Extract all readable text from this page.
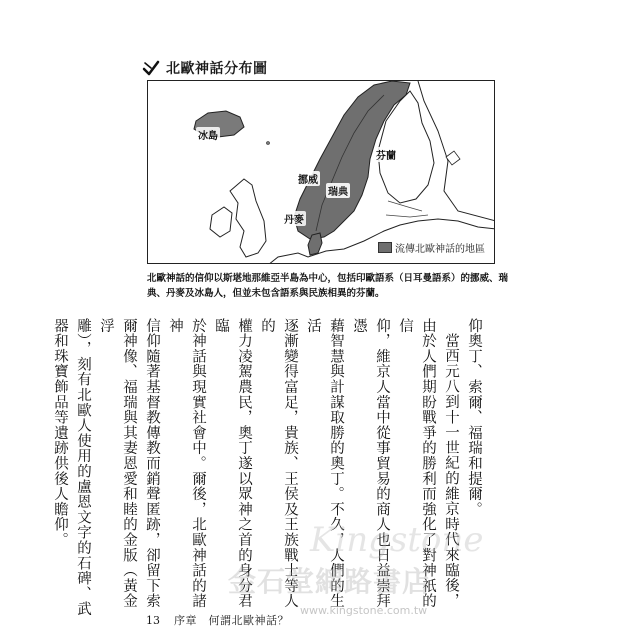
北歐神話分布圖
冰島
芬蘭
挪威
瑞典
丹麥
流傳北歐神話的地區
北歐神話的信仰以斯堪地那維亞半島為中心，包括印歐語系（日耳曼語系）的挪威、瑞
典、丹麥及冰島人，但並未包含語系與民族相異的芬蘭。
仰奧丁、索爾、福瑞和提爾。
當西元八到十一世紀的維京時代來臨後，
由於人們期盼戰爭的勝利而強化了對神祇的信
仰，維京人當中從事貿易的商人也日益崇拜憑
藉智慧與計謀取勝的奧丁。不久，人們的生活
逐漸變得富足，貴族、王侯及王族戰士等人的
權力凌駕農民，奧丁遂以眾神之首的身分君臨
於神話與現實社會中。爾後，北歐神話的諸神
信仰隨著基督教傳教而銷聲匿跡，卻留下索
爾神像、福瑞與其妻恩愛和睦的金版（黃金浮
雕），刻有北歐人使用的盧恩文字的石碑、武
器和珠寶飾品等遺跡供後人瞻仰。	Kingstone
金石堂網路書店
www.kingstone.com.tw
13 序章　何謂北歐神話？
